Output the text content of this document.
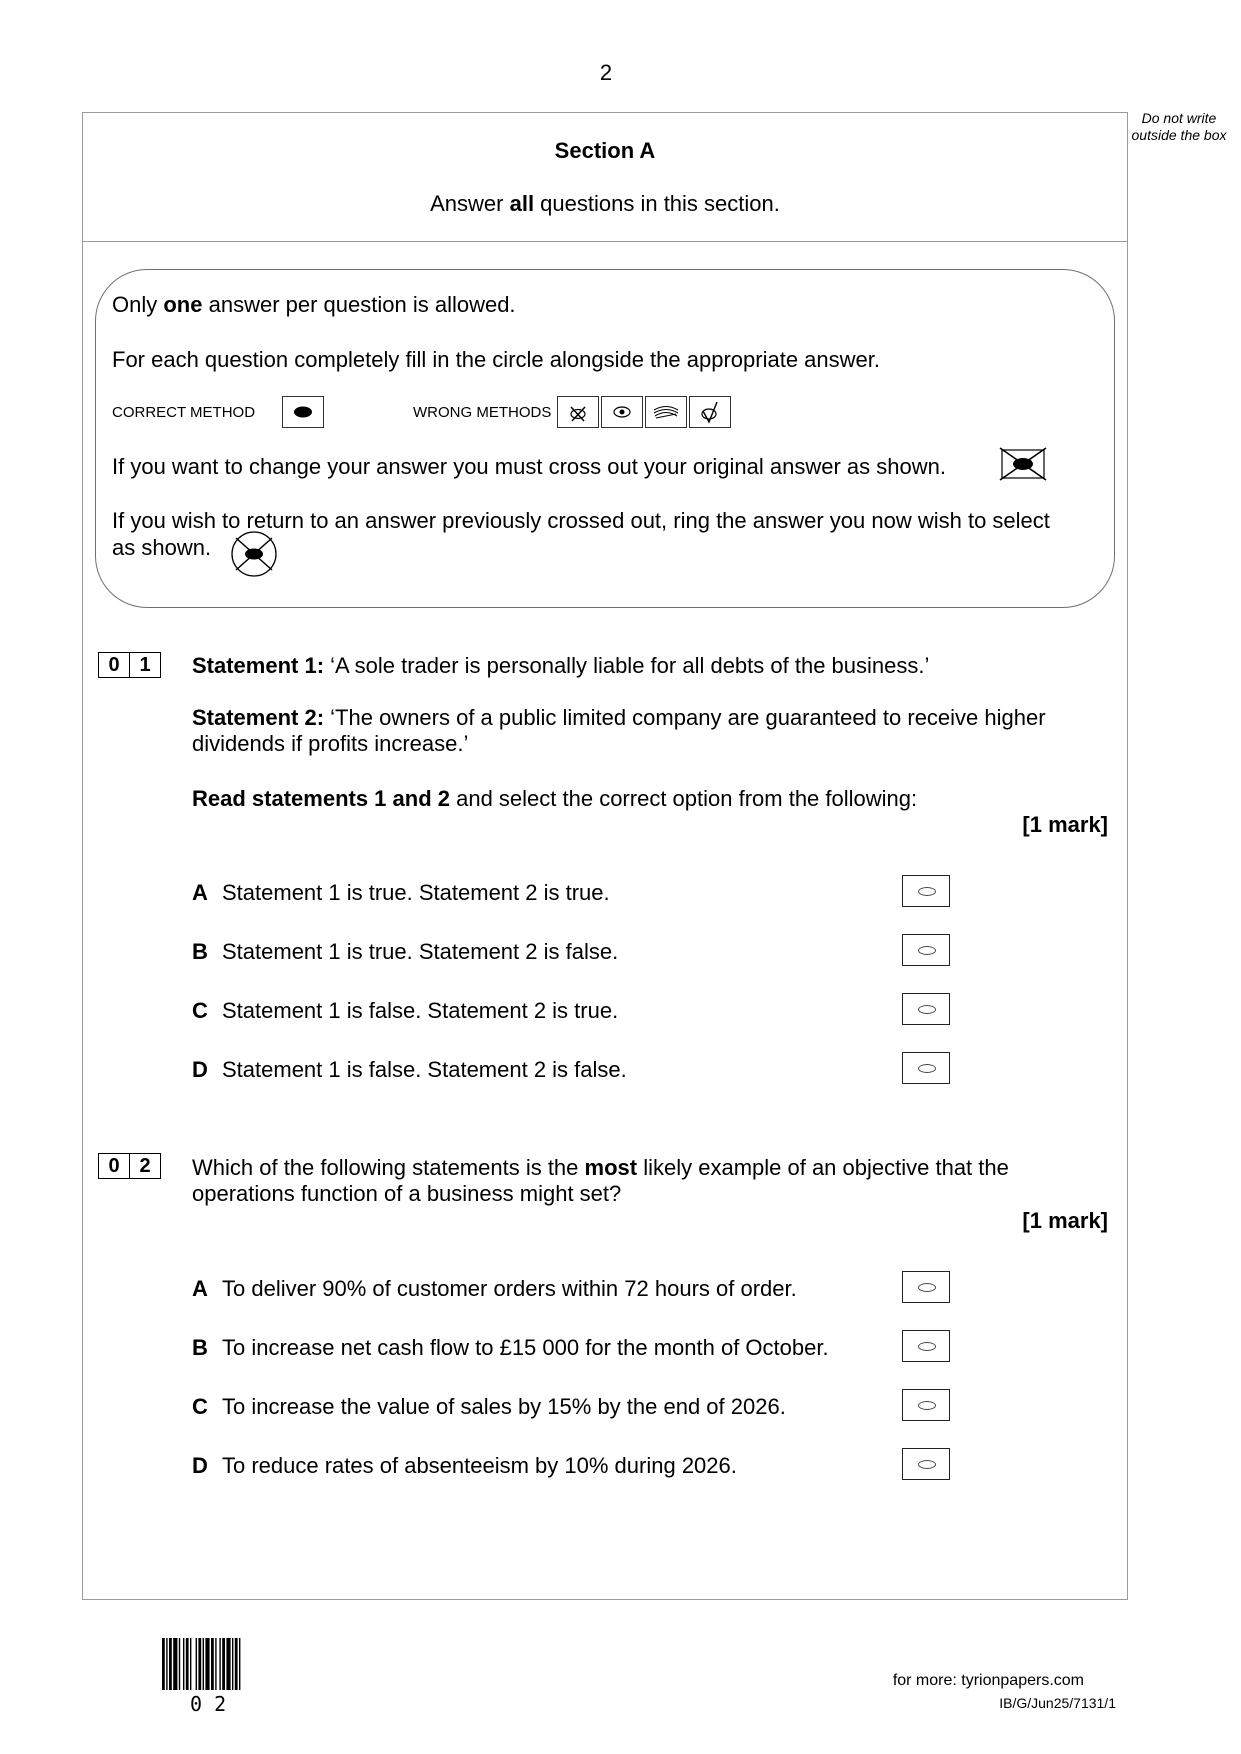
2
Do not write outside the box
Section A
Answer all questions in this section.
Only one answer per question is allowed.
For each question completely fill in the circle alongside the appropriate answer.
CORRECT METHOD	WRONG METHODS
If you want to change your answer you must cross out your original answer as shown.
If you wish to return to an answer previously crossed out, ring the answer you now wish to select
as shown.
0 1	Statement 1: ‘A sole trader is personally liable for all debts of the business.’
Statement 2: ‘The owners of a public limited company are guaranteed to receive higher
dividends if profits increase.’
Read statements 1 and 2 and select the correct option from the following:
[1 mark]
A Statement 1 is true. Statement 2 is true.
B Statement 1 is true. Statement 2 is false.
C Statement 1 is false. Statement 2 is true.
D Statement 1 is false. Statement 2 is false.
0 2	Which of the following statements is the most likely example of an objective that the
operations function of a business might set?
[1 mark]
A To deliver 90% of customer orders within 72 hours of order.
B To increase net cash flow to £15 000 for the month of October.
C To increase the value of sales by 15% by the end of 2026.
D To reduce rates of absenteeism by 10% during 2026.
0 2
for more: tyrionpapers.com
IB/G/Jun25/7131/1
